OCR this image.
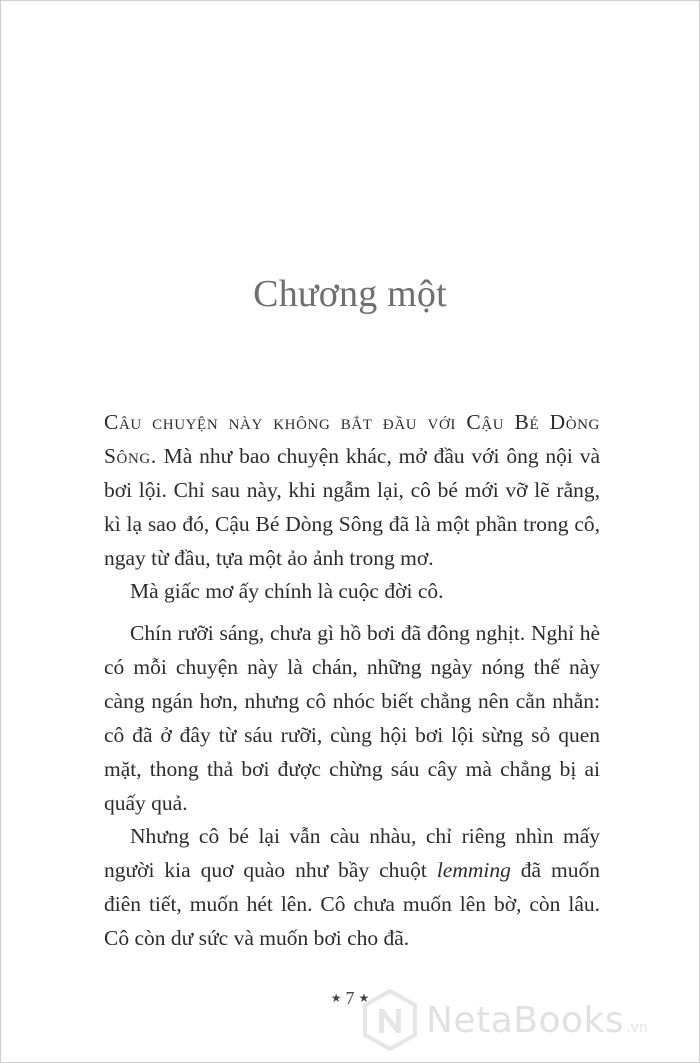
Chương một

Câu chuyện này không bắt đầu với Cậu Bé Dòng Sông. Mà như bao chuyện khác, mở đầu với ông nội và bơi lội. Chỉ sau này, khi ngẫm lại, cô bé mới vỡ lẽ rằng, kì lạ sao đó, Cậu Bé Dòng Sông đã là một phần trong cô, ngay từ đầu, tựa một ảo ảnh trong mơ.

Mà giấc mơ ấy chính là cuộc đời cô.

Chín rưỡi sáng, chưa gì hồ bơi đã đông nghịt. Nghỉ hè có mỗi chuyện này là chán, những ngày nóng thế này càng ngán hơn, nhưng cô nhóc biết chẳng nên cằn nhằn: cô đã ở đây từ sáu rưỡi, cùng hội bơi lội sừng sỏ quen mặt, thong thả bơi được chừng sáu cây mà chẳng bị ai quấy quả.

Nhưng cô bé lại vẫn càu nhàu, chỉ riêng nhìn mấy người kia quơ quào như bầy chuột lemming đã muốn điên tiết, muốn hét lên. Cô chưa muốn lên bờ, còn lâu. Cô còn dư sức và muốn bơi cho đã.

★ 7 ★
NetaBooks .vn
